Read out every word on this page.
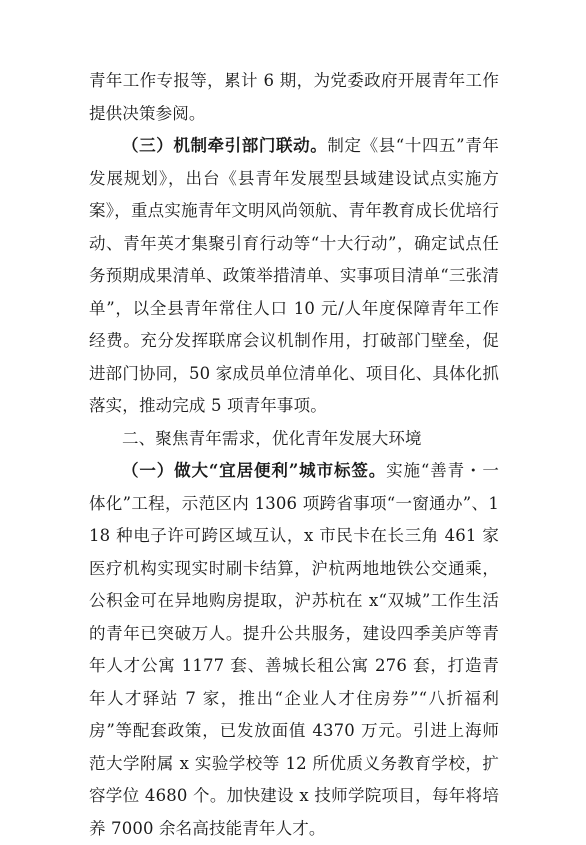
青年工作专报等，累计 6 期，为党委政府开展青年工作提供决策参阅。

（三）机制牵引部门联动。制定《县“十四五”青年发展规划》，出台《县青年发展型县域建设试点实施方案》，重点实施青年文明风尚领航、青年教育成长优培行动、青年英才集聚引育行动等“十大行动”，确定试点任务预期成果清单、政策举措清单、实事项目清单“三张清单”，以全县青年常住人口 10 元/人年度保障青年工作经费。充分发挥联席会议机制作用，打破部门壁垒，促进部门协同，50 家成员单位清单化、项目化、具体化抓落实，推动完成 5 项青年事项。

二、聚焦青年需求，优化青年发展大环境

（一）做大“宜居便利”城市标签。实施“善青・一体化”工程，示范区内 1306 项跨省事项“一窗通办”、118 种电子许可跨区域互认，x 市民卡在长三角 461 家医疗机构实现实时刷卡结算，沪杭两地地铁公交通乘，公积金可在异地购房提取，沪苏杭在 x“双城”工作生活的青年已突破万人。提升公共服务，建设四季美庐等青年人才公寓 1177 套、善城长租公寓 276 套，打造青年人才驿站 7 家，推出“企业人才住房券”“八折福利房”等配套政策，已发放面值 4370 万元。引进上海师范大学附属 x 实验学校等 12 所优质义务教育学校，扩容学位 4680 个。加快建设 x 技师学院项目，每年将培养 7000 余名高技能青年人才。
